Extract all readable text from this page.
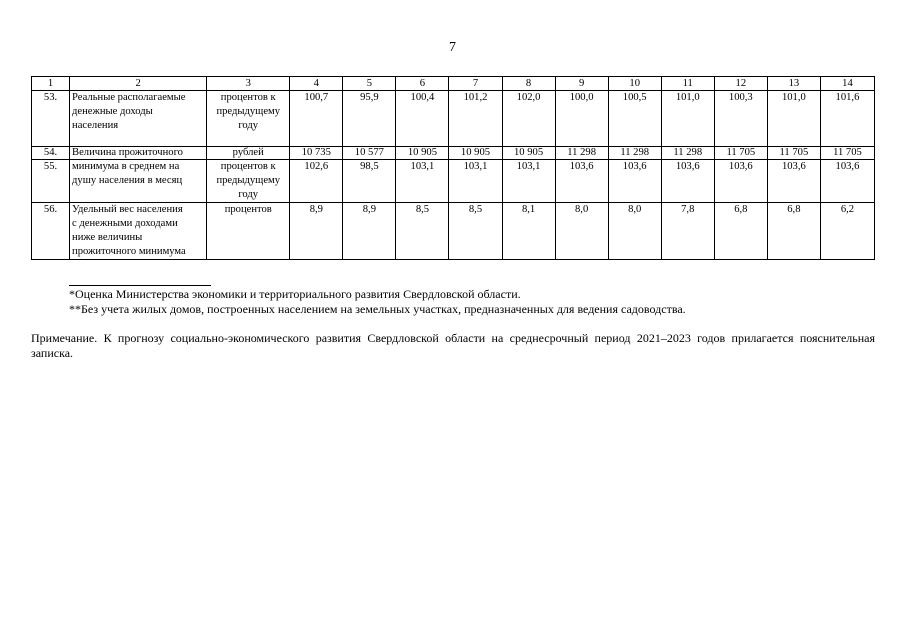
7
1	2	3	4	5	6	7	8	9	10	11	12	13	14
53.	Реальные располагаемые
денежные доходы
населения	процентов к
предыдущему
году	100,7	95,9	100,4	101,2	102,0	100,0	100,5	101,0	100,3	101,0	101,6
54.	Величина прожиточного	рублей	10 735	10 577	10 905	10 905	10 905	11 298	11 298	11 298	11 705	11 705	11 705
55.	минимума в среднем на
душу населения в месяц	процентов к
предыдущему
году	102,6	98,5	103,1	103,1	103,1	103,6	103,6	103,6	103,6	103,6	103,6
56.	Удельный вес населения
с денежными доходами
ниже величины
прожиточного минимума	процентов	8,9	8,9	8,5	8,5	8,1	8,0	8,0	7,8	6,8	6,8	6,2
*Оценка Министерства экономики и территориального развития Свердловской области.
**Без учета жилых домов, построенных населением на земельных участках, предназначенных для ведения садоводства.
Примечание. К прогнозу социально-экономического развития Свердловской области на среднесрочный период 2021–2023 годов прилагается пояснительная записка.
